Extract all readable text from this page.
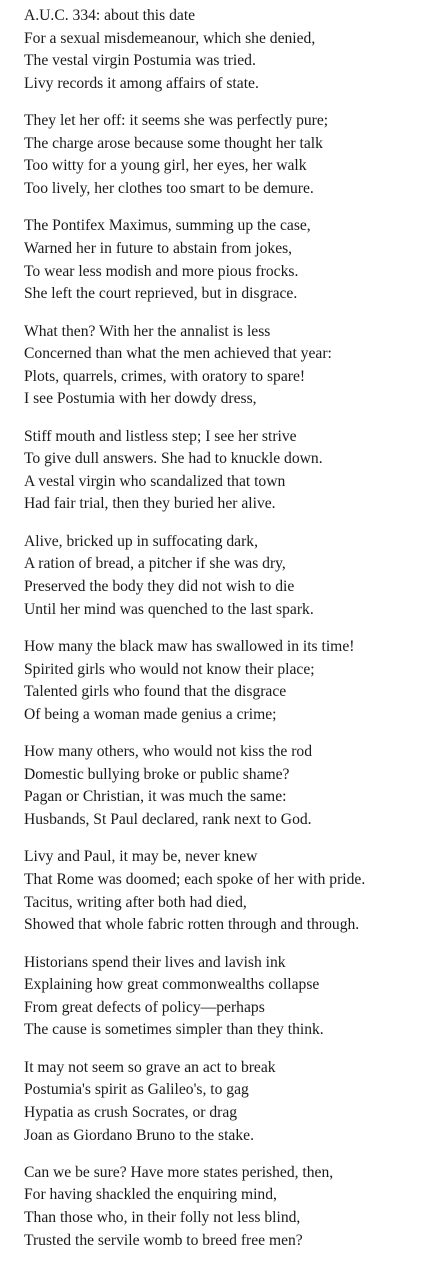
A.U.C. 334: about this date
For a sexual misdemeanour, which she denied,
The vestal virgin Postumia was tried.
Livy records it among affairs of state.
They let her off: it seems she was perfectly pure;
The charge arose because some thought her talk
Too witty for a young girl, her eyes, her walk
Too lively, her clothes too smart to be demure.
The Pontifex Maximus, summing up the case,
Warned her in future to abstain from jokes,
To wear less modish and more pious frocks.
She left the court reprieved, but in disgrace.
What then? With her the annalist is less
Concerned than what the men achieved that year:
Plots, quarrels, crimes, with oratory to spare!
I see Postumia with her dowdy dress,
Stiff mouth and listless step; I see her strive
To give dull answers. She had to knuckle down.
A vestal virgin who scandalized that town
Had fair trial, then they buried her alive.
Alive, bricked up in suffocating dark,
A ration of bread, a pitcher if she was dry,
Preserved the body they did not wish to die
Until her mind was quenched to the last spark.
How many the black maw has swallowed in its time!
Spirited girls who would not know their place;
Talented girls who found that the disgrace
Of being a woman made genius a crime;
How many others, who would not kiss the rod
Domestic bullying broke or public shame?
Pagan or Christian, it was much the same:
Husbands, St Paul declared, rank next to God.
Livy and Paul, it may be, never knew
That Rome was doomed; each spoke of her with pride.
Tacitus, writing after both had died,
Showed that whole fabric rotten through and through.
Historians spend their lives and lavish ink
Explaining how great commonwealths collapse
From great defects of policy—perhaps
The cause is sometimes simpler than they think.
It may not seem so grave an act to break
Postumia's spirit as Galileo's, to gag
Hypatia as crush Socrates, or drag
Joan as Giordano Bruno to the stake.
Can we be sure? Have more states perished, then,
For having shackled the enquiring mind,
Than those who, in their folly not less blind,
Trusted the servile womb to breed free men?
